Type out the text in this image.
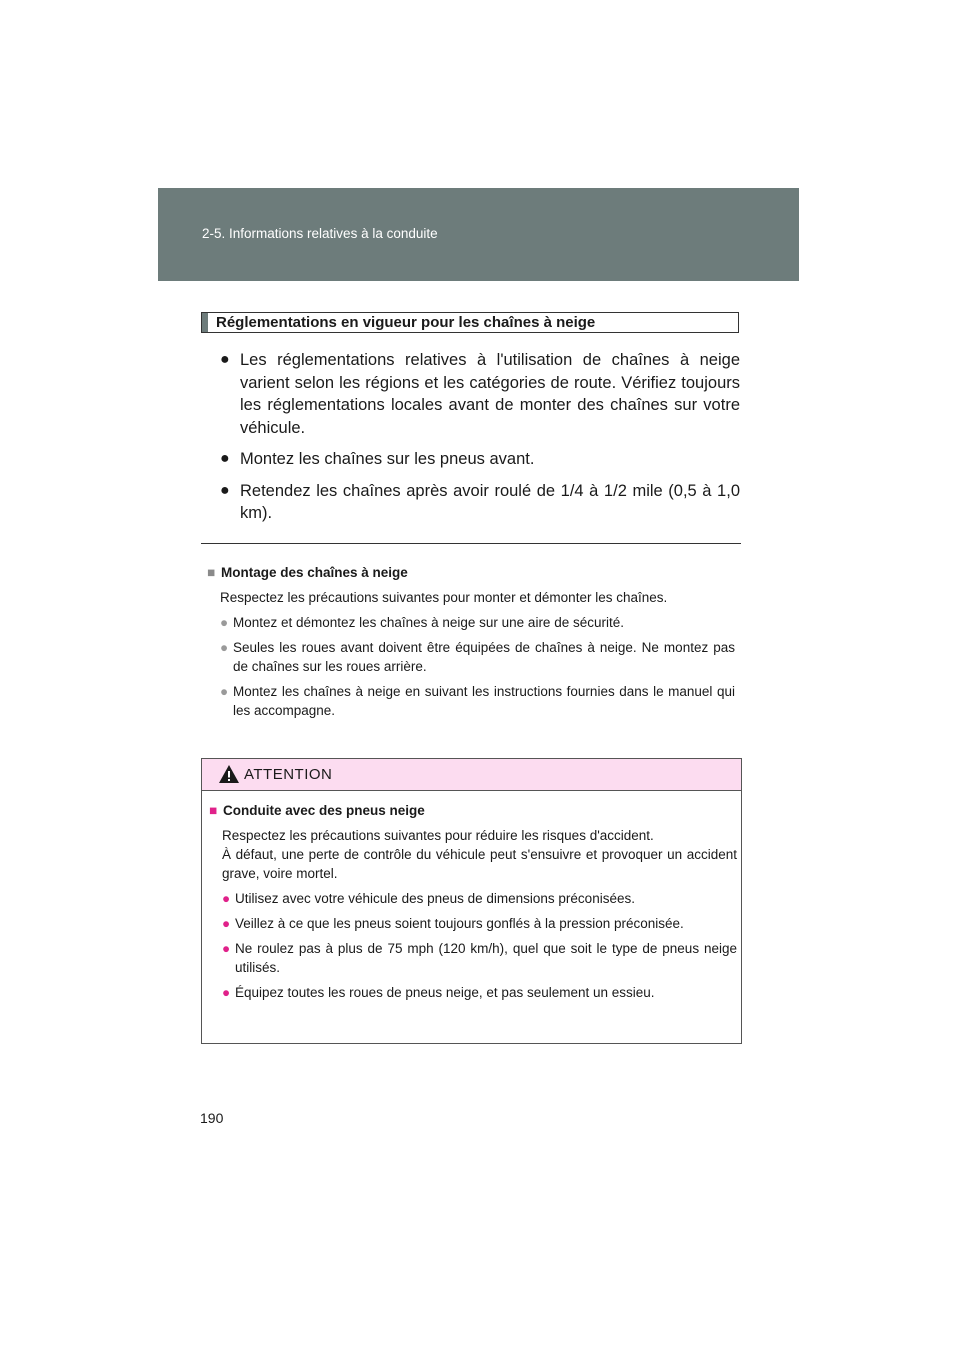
2-5. Informations relatives à la conduite
Réglementations en vigueur pour les chaînes à neige
● Les réglementations relatives à l'utilisation de chaînes à neige varient selon les régions et les catégories de route. Vérifiez toujours les réglementations locales avant de monter des chaînes sur votre véhicule.
● Montez les chaînes sur les pneus avant.
● Retendez les chaînes après avoir roulé de 1/4 à 1/2 mile (0,5 à 1,0 km).
■ Montage des chaînes à neige
Respectez les précautions suivantes pour monter et démonter les chaînes.
● Montez et démontez les chaînes à neige sur une aire de sécurité.
● Seules les roues avant doivent être équipées de chaînes à neige. Ne montez pas de chaînes sur les roues arrière.
● Montez les chaînes à neige en suivant les instructions fournies dans le manuel qui les accompagne.
ATTENTION
■ Conduite avec des pneus neige
Respectez les précautions suivantes pour réduire les risques d'accident.
À défaut, une perte de contrôle du véhicule peut s'ensuivre et provoquer un accident grave, voire mortel.
● Utilisez avec votre véhicule des pneus de dimensions préconisées.
● Veillez à ce que les pneus soient toujours gonflés à la pression préconisée.
● Ne roulez pas à plus de 75 mph (120 km/h), quel que soit le type de pneus neige utilisés.
● Équipez toutes les roues de pneus neige, et pas seulement un essieu.
190
